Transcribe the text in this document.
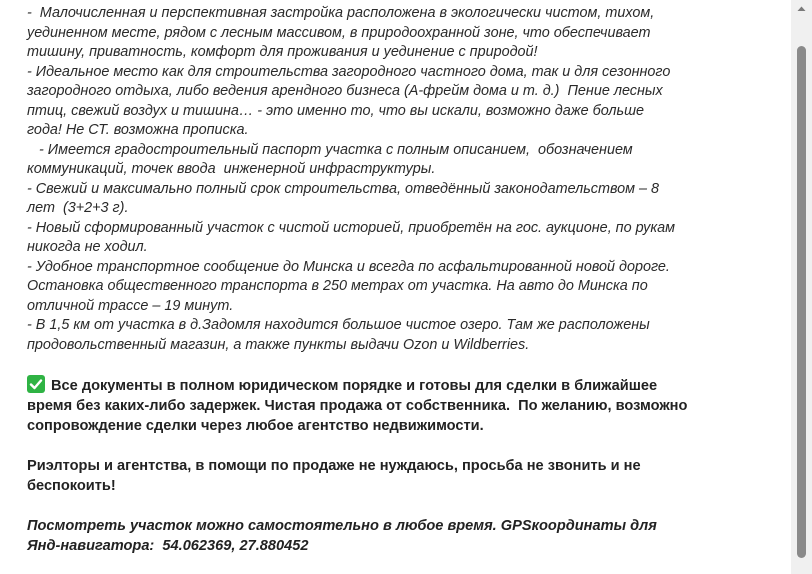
-  Малочисленная и перспективная застройка расположена в экологически чистом, тихом,
уединенном месте, рядом с лесным массивом, в природоохранной зоне, что обеспечивает
тишину, приватность, комфорт для проживания и уединение с природой!
- Идеальное место как для строительства загородного частного дома, так и для сезонного
загородного отдыха, либо ведения арендного бизнеса (А-фрейм дома и т. д.)  Пение лесных
птиц, свежий воздух и тишина… - это именно то, что вы искали, возможно даже больше
года! Не СТ. возможна прописка.
- Имеется градостроительный паспорт участка с полным описанием,  обозначением
коммуникаций, точек ввода  инженерной инфраструктуры.
- Свежий и максимально полный срок строительства, отведённый законодательством – 8
лет  (3+2+3 г).
- Новый сформированный участок с чистой историей, приобретён на гос. аукционе, по рукам
никогда не ходил.
- Удобное транспортное сообщение до Минска и всегда по асфальтированной новой дороге.
Остановка общественного транспорта в 250 метрах от участка. На авто до Минска по
отличной трассе – 19 минут.
- В 1,5 км от участка в д.Задомля находится большое чистое озеро. Там же расположены
продовольственный магазин, а также пункты выдачи Ozon и Wildberries.
Все документы в полном юридическом порядке и готовы для сделки в ближайшее
время без каких-либо задержек. Чистая продажа от собственника.  По желанию, возможно
сопровождение сделки через любое агентство недвижимости.
Риэлторы и агентства, в помощи по продаже не нуждаюсь, просьба не звонить и не
беспокоить!
Посмотреть участок можно самостоятельно в любое время. GPSкоординаты для
Янд-навигатора:  54.062369, 27.880452
